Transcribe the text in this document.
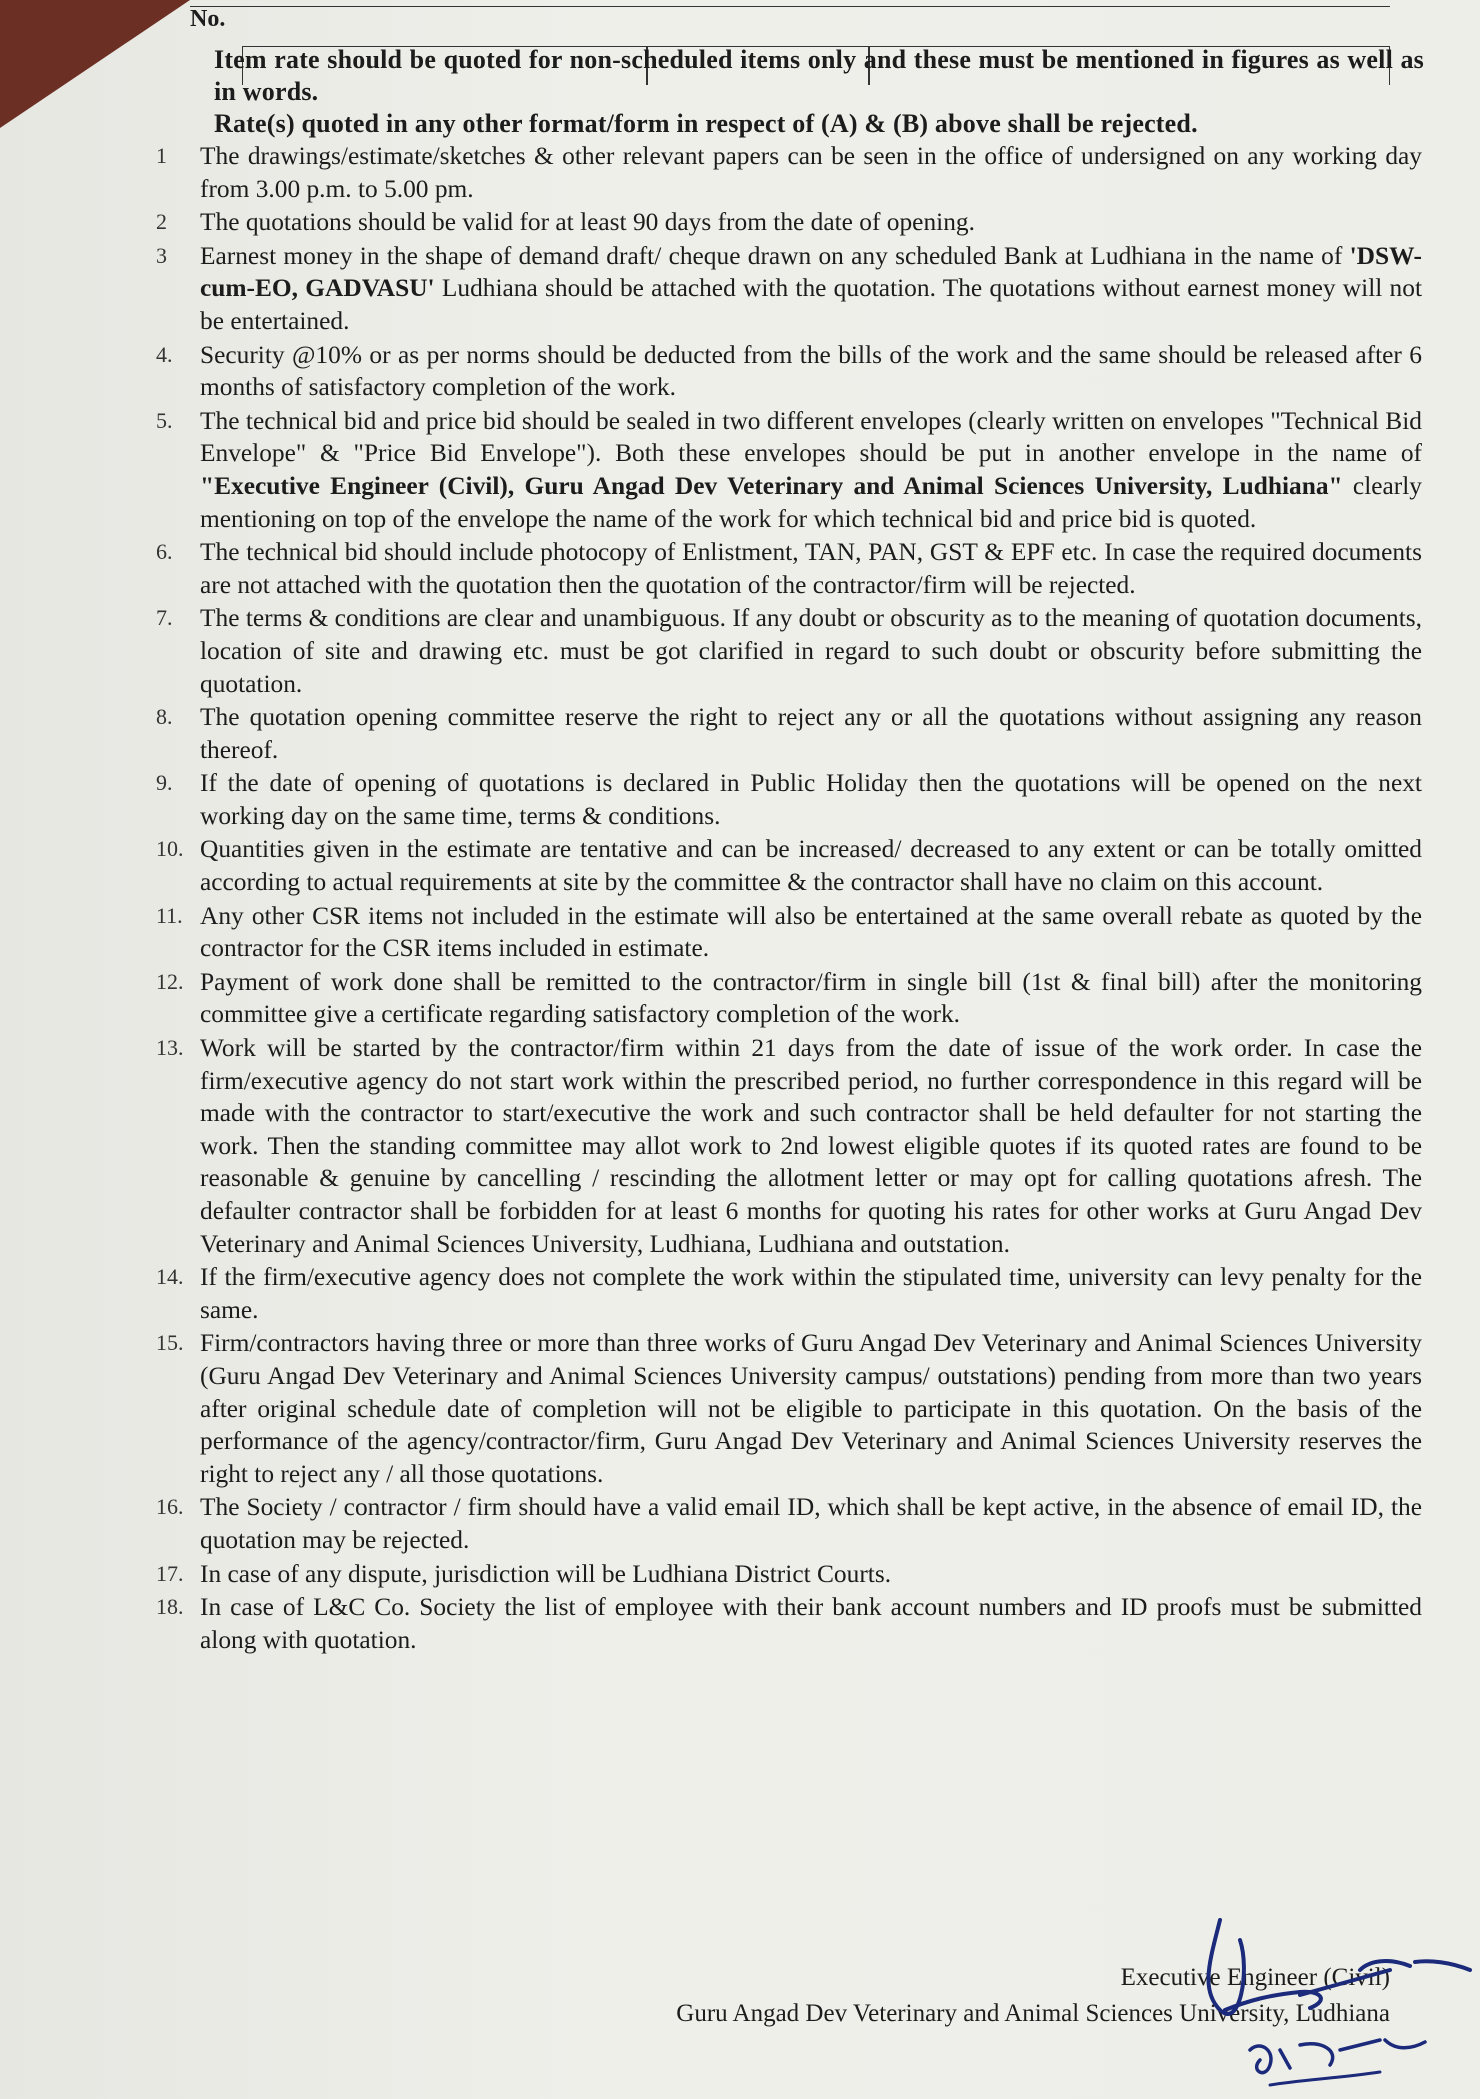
No.

Item rate should be quoted for non-scheduled items only and these must be mentioned in figures as well as in words.

Rate(s) quoted in any other format/form in respect of (A) & (B) above shall be rejected.

1	The drawings/estimate/sketches & other relevant papers can be seen in the office of undersigned on any working day from 3.00 p.m. to 5.00 pm.
2	The quotations should be valid for at least 90 days from the date of opening.
3	Earnest money in the shape of demand draft/ cheque drawn on any scheduled Bank at Ludhiana in the name of 'DSW-cum-EO, GADVASU' Ludhiana should be attached with the quotation. The quotations without earnest money will not be entertained.
4.	Security @10% or as per norms should be deducted from the bills of the work and the same should be released after 6 months of satisfactory completion of the work.
5.	The technical bid and price bid should be sealed in two different envelopes (clearly written on envelopes "Technical Bid Envelope" & "Price Bid Envelope"). Both these envelopes should be put in another envelope in the name of "Executive Engineer (Civil), Guru Angad Dev Veterinary and Animal Sciences University, Ludhiana" clearly mentioning on top of the envelope the name of the work for which technical bid and price bid is quoted.
6.	The technical bid should include photocopy of Enlistment, TAN, PAN, GST & EPF etc. In case the required documents are not attached with the quotation then the quotation of the contractor/firm will be rejected.
7.	The terms & conditions are clear and unambiguous. If any doubt or obscurity as to the meaning of quotation documents, location of site and drawing etc. must be got clarified in regard to such doubt or obscurity before submitting the quotation.
8.	The quotation opening committee reserve the right to reject any or all the quotations without assigning any reason thereof.
9.	If the date of opening of quotations is declared in Public Holiday then the quotations will be opened on the next working day on the same time, terms & conditions.
10. Quantities given in the estimate are tentative and can be increased/ decreased to any extent or can be totally omitted according to actual requirements at site by the committee & the contractor shall have no claim on this account.
11. Any other CSR items not included in the estimate will also be entertained at the same overall rebate as quoted by the contractor for the CSR items included in estimate.
12. Payment of work done shall be remitted to the contractor/firm in single bill (1st & final bill) after the monitoring committee give a certificate regarding satisfactory completion of the work.
13. Work will be started by the contractor/firm within 21 days from the date of issue of the work order. In case the firm/executive agency do not start work within the prescribed period, no further correspondence in this regard will be made with the contractor to start/executive the work and such contractor shall be held defaulter for not starting the work. Then the standing committee may allot work to 2nd lowest eligible quotes if its quoted rates are found to be reasonable & genuine by cancelling / rescinding the allotment letter or may opt for calling quotations afresh. The defaulter contractor shall be forbidden for at least 6 months for quoting his rates for other works at Guru Angad Dev Veterinary and Animal Sciences University, Ludhiana, Ludhiana and outstation.
14. If the firm/executive agency does not complete the work within the stipulated time, university can levy penalty for the same.
15. Firm/contractors having three or more than three works of Guru Angad Dev Veterinary and Animal Sciences University (Guru Angad Dev Veterinary and Animal Sciences University campus/ outstations) pending from more than two years after original schedule date of completion will not be eligible to participate in this quotation. On the basis of the performance of the agency/contractor/firm, Guru Angad Dev Veterinary and Animal Sciences University reserves the right to reject any / all those quotations.
16. The Society / contractor / firm should have a valid email ID, which shall be kept active, in the absence of email ID, the quotation may be rejected.
17. In case of any dispute, jurisdiction will be Ludhiana District Courts.
18. In case of L&C Co. Society the list of employee with their bank account numbers and ID proofs must be submitted along with quotation.
Executive Engineer (Civil)
Guru Angad Dev Veterinary and Animal Sciences University, Ludhiana
